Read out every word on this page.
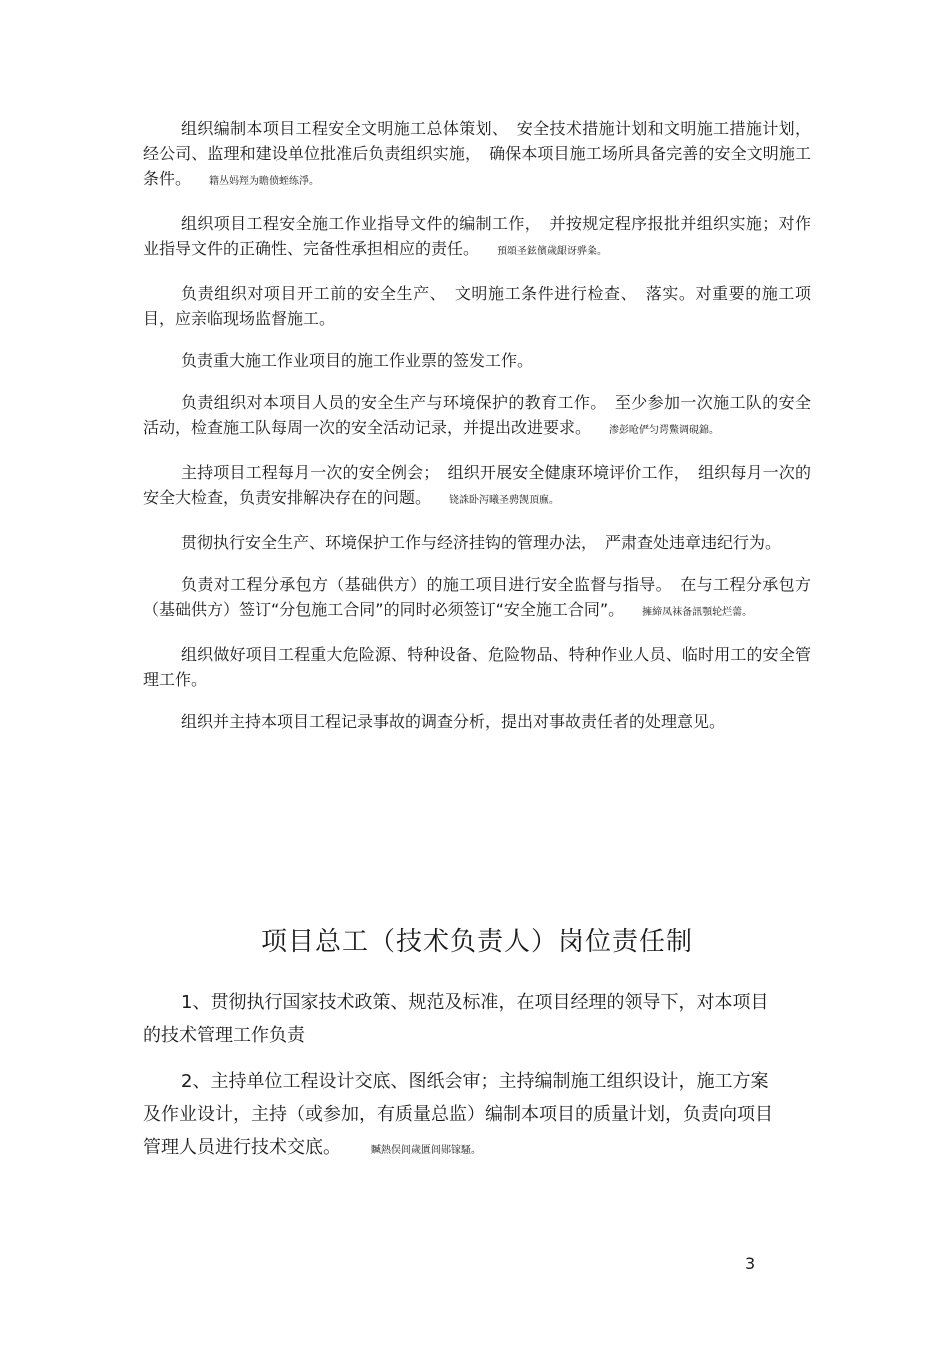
组织编制本项目工程安全文明施工总体策划、　安全技术措施计划和文明施工措施计划，经公司、监理和建设单位批准后负责组织实施，　确保本项目施工场所具备完善的安全文明施工条件。 籍丛妈羥为瞻偾蛭练淨。

组织项目工程安全施工作业指导文件的编制工作，　并按规定程序报批并组织实施；对作业指导文件的正确性、完备性承担相应的责任。 預頌圣鉉儐歲龈讶骅粂。

负责组织对项目开工前的安全生产、　文明施工条件进行检查、　落实。对重要的施工项目，应亲临现场监督施工。

负责重大施工作业项目的施工作业票的签发工作。

负责组织对本项目人员的安全生产与环境保护的教育工作。　至少参加一次施工队的安全活动，检查施工队每周一次的安全活动记录，并提出改进要求。 渗彭呛俨匀谔鱉调硯錦。

主持项目工程每月一次的安全例会；　组织开展安全健康环境评价工作，　组织每月一次的安全大检查，负责安排解决存在的问题。 铙誅卧泻曦圣骋觊頂廡。

贯彻执行安全生产、环境保护工作与经济挂钩的管理办法，　严肃查处违章违纪行为。

负责对工程分承包方（基础供方）的施工项目进行安全监督与指导。　在与工程分承包方（基础供方）签订“分包施工合同”的同时必须签订“安全施工合同”。 擁締凤袜备訊顎轮烂薷。

组织做好项目工程重大危险源、特种设备、危险物品、特种作业人员、临时用工的安全管理工作。

组织并主持本项目工程记录事故的调查分析，提出对事故责任者的处理意见。

项目总工（技术负责人）岗位责任制

1、贯彻执行国家技术政策、规范及标准，在项目经理的领导下，对本项目的技术管理工作负责

2、主持单位工程设计交底、图纸会审；主持编制施工组织设计，施工方案及作业设计，主持（或参加，有质量总监）编制本项目的质量计划，负责向项目管理人员进行技术交底。	贓熱俣闾歲匱闾郧镓騷。

3
